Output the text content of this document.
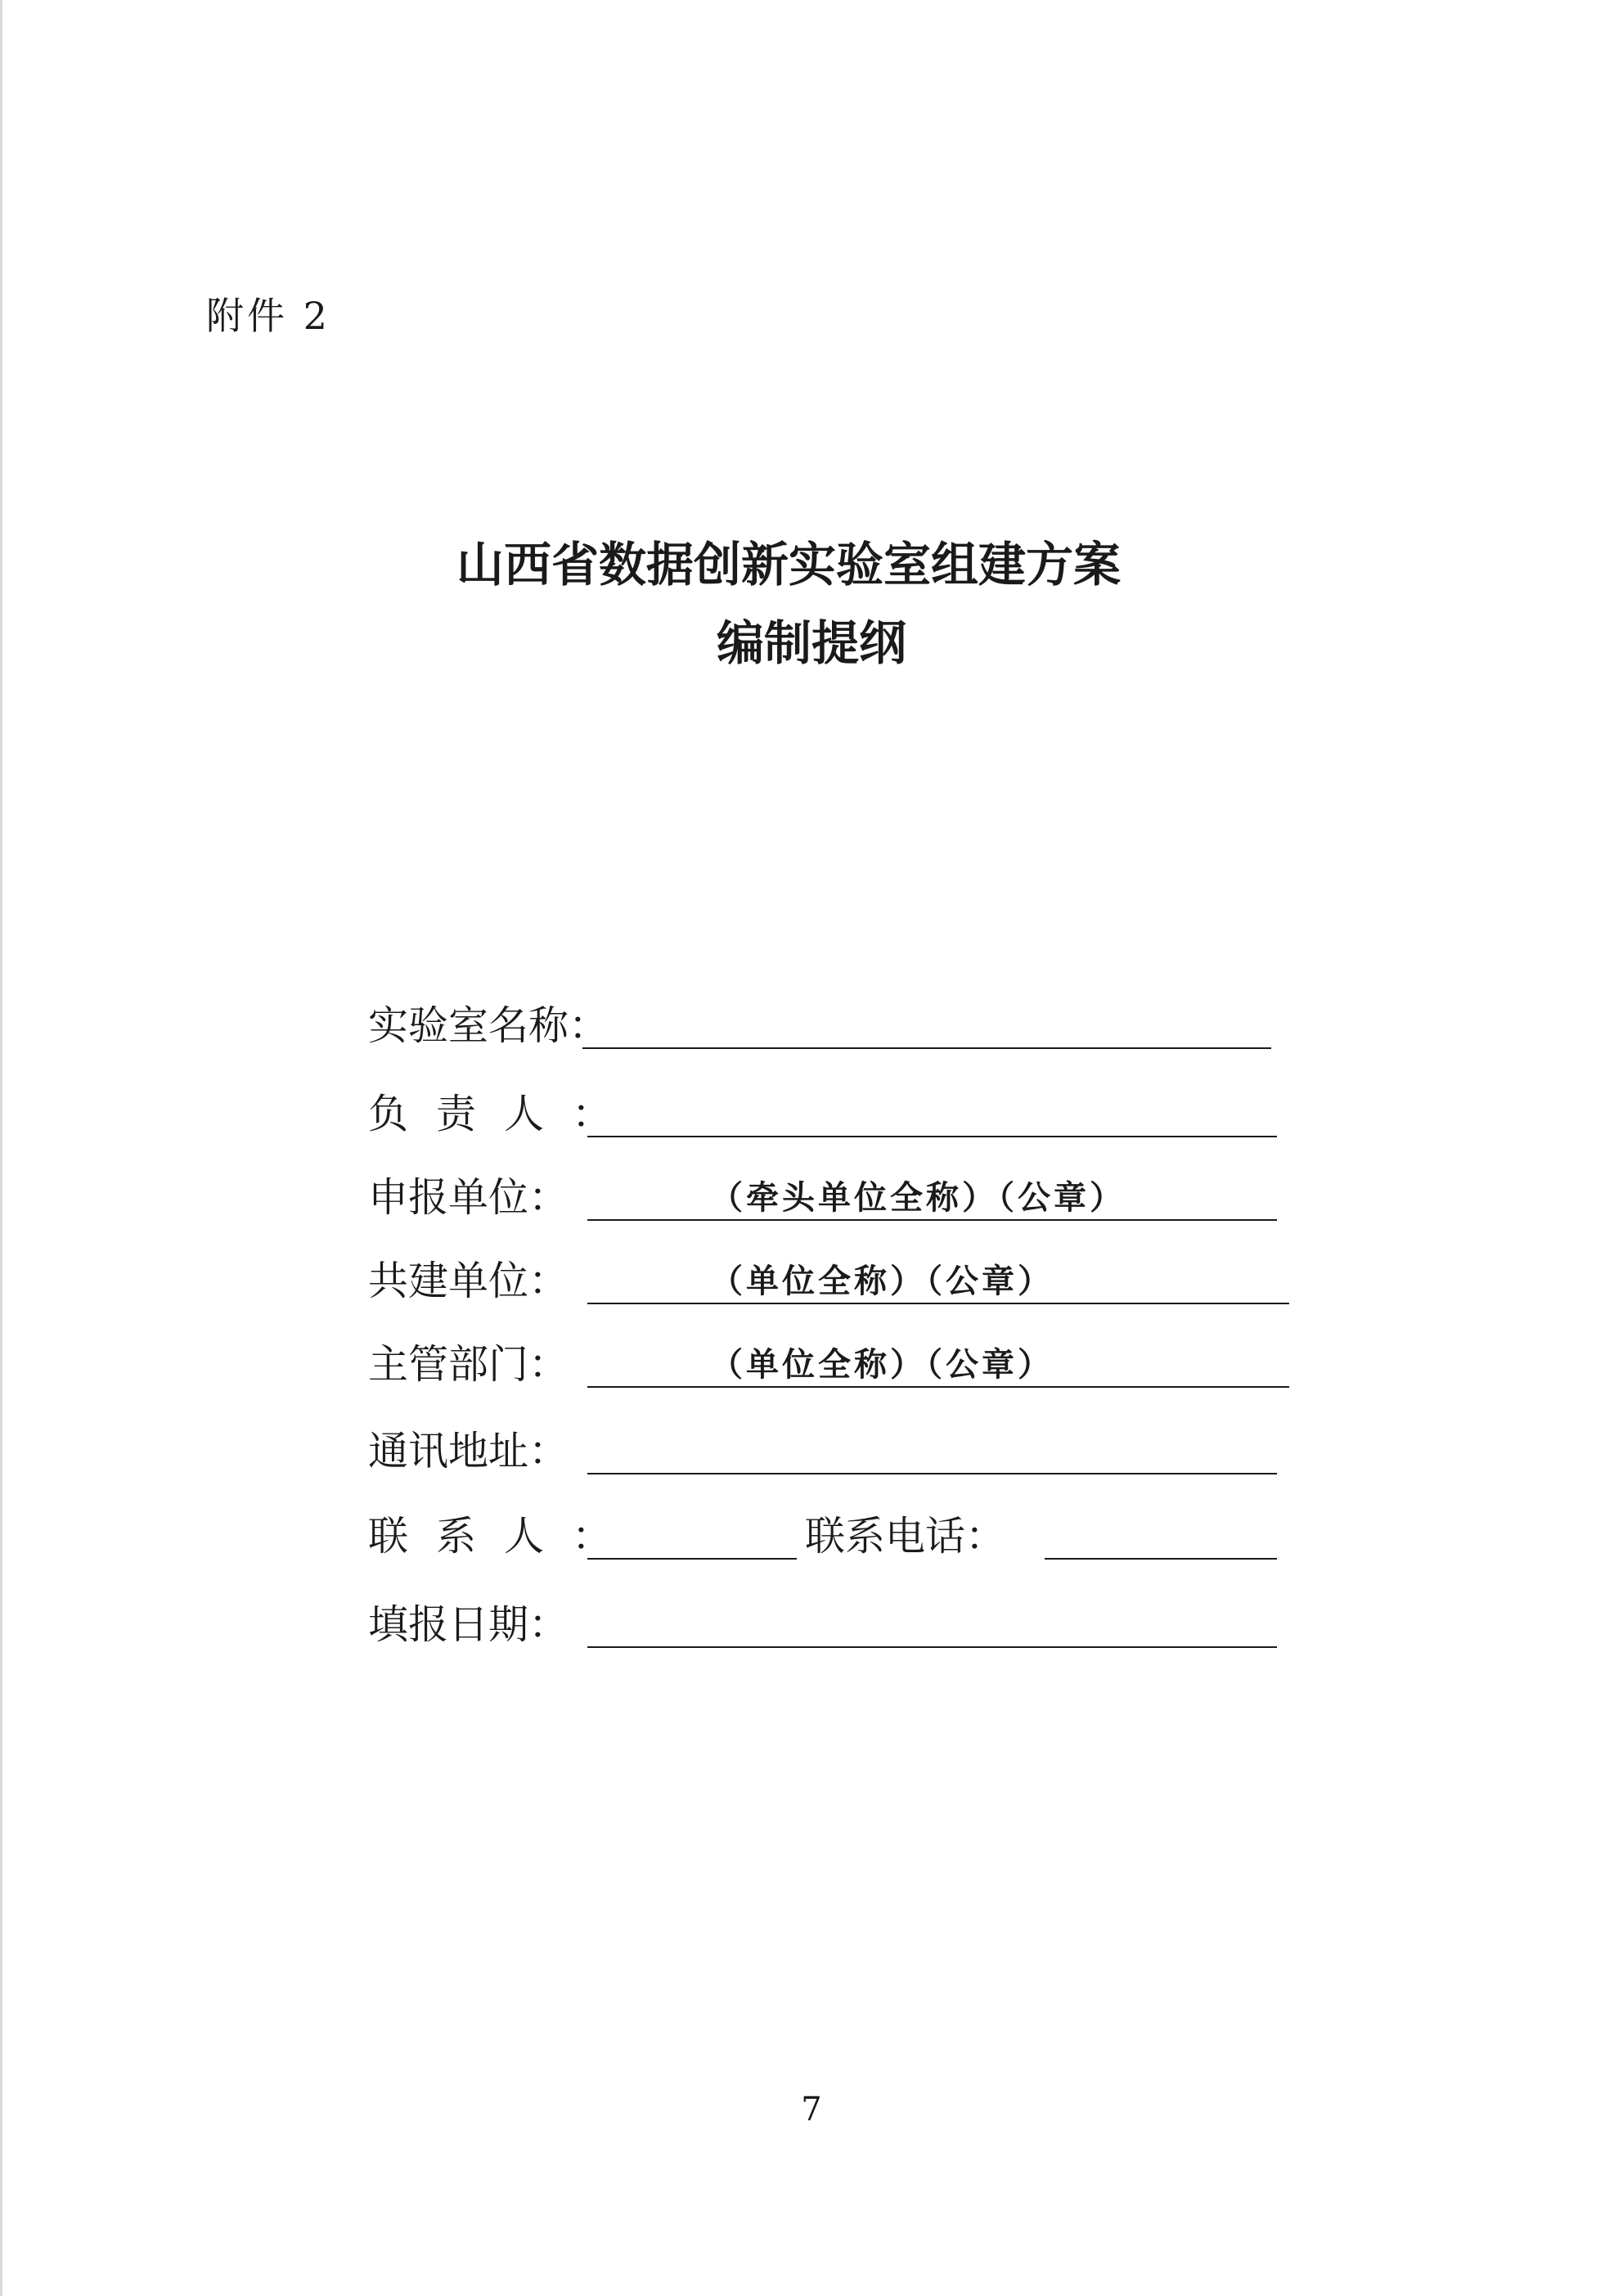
附件 2
山西省数据创新实验室组建方案
编制提纲
实验室名称：
负责人：
申报单位：	（牵头单位全称）（公章）
共建单位：	（单位全称）（公章）
主管部门：	（单位全称）（公章）
通讯地址：
联系人：	联系电话：
填报日期：
7
